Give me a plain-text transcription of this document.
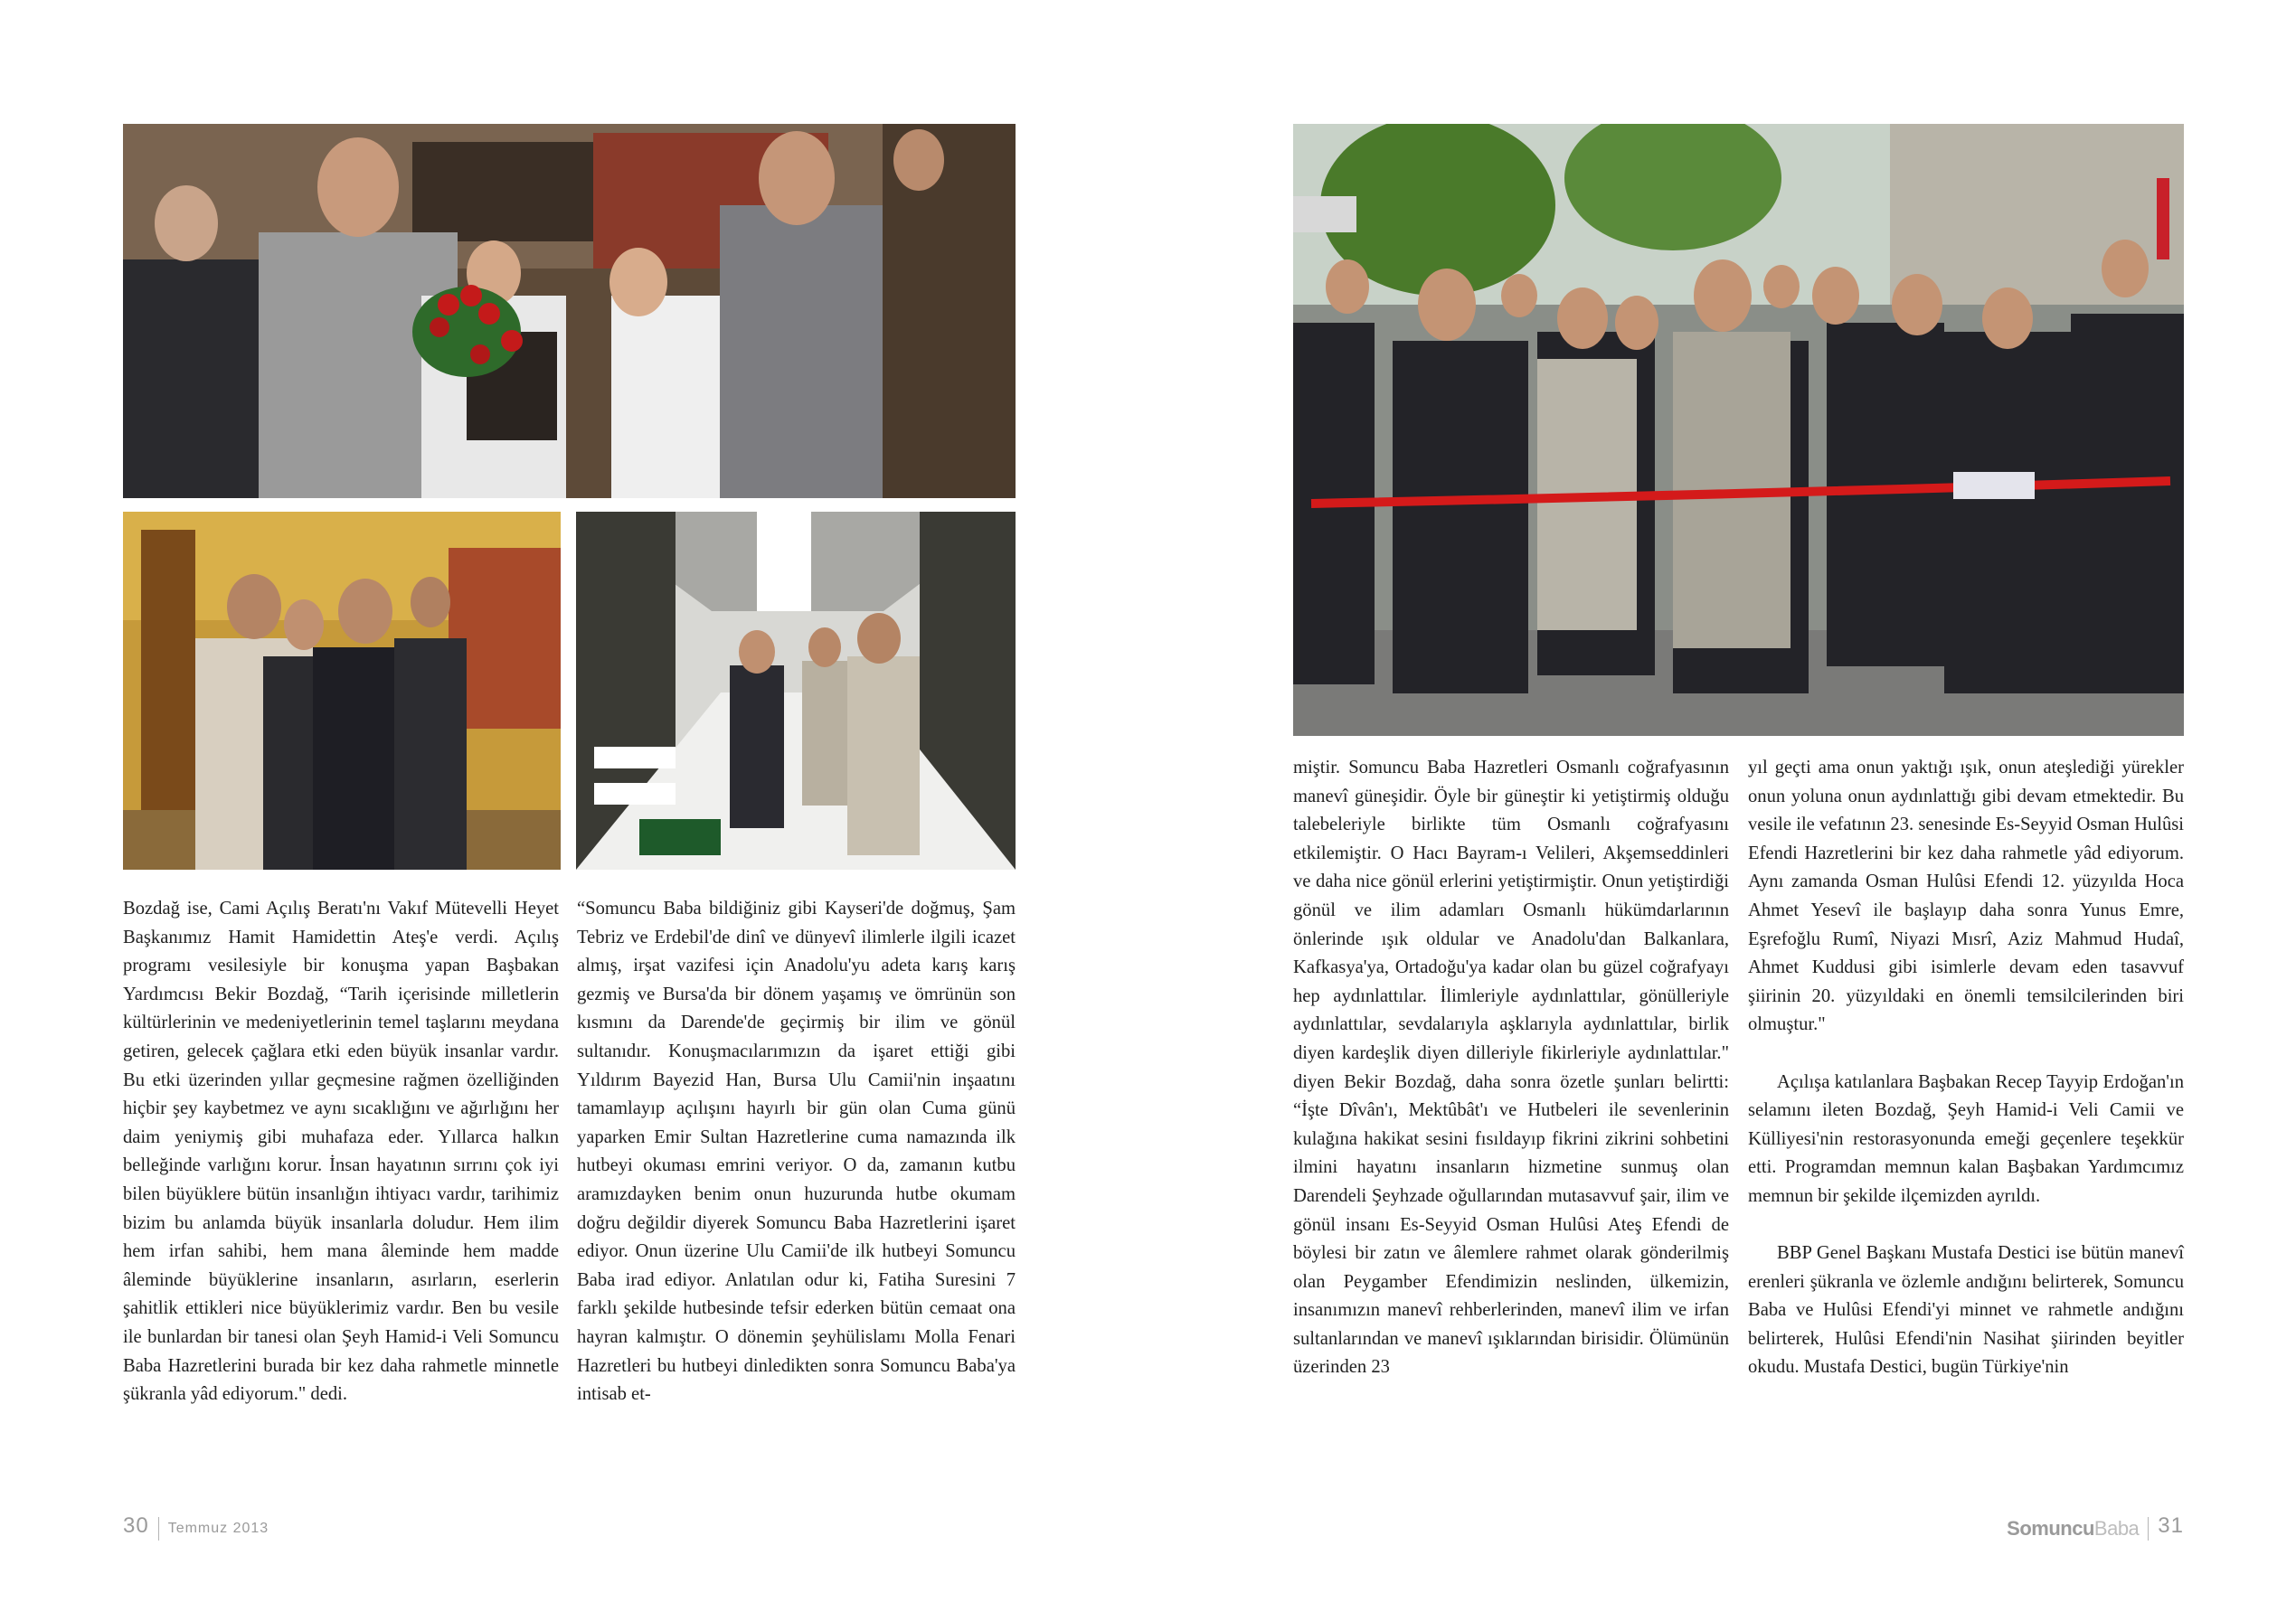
Bozdağ ise, Cami Açılış Beratı'nı Vakıf Mütevelli Heyet Başkanımız Hamit Hamidettin Ateş'e verdi. Açılış programı vesilesiyle bir konuşma yapan Başbakan Yardımcısı Bekir Bozdağ, “Tarih içerisinde milletlerin kültürlerinin ve medeniyetlerinin temel taşlarını meydana getiren, gelecek çağlara etki eden büyük insanlar vardır. Bu etki üzerinden yıllar geçmesine rağmen özelliğinden hiçbir şey kaybetmez ve aynı sıcaklığını ve ağırlığını her daim yeniymiş gibi muhafaza eder. Yıllarca halkın belleğinde varlığını korur. İnsan hayatının sırrını çok iyi bilen büyüklere bütün insanlığın ihtiyacı vardır, tarihimiz bizim bu anlamda büyük insanlarla doludur. Hem ilim hem irfan sahibi, hem mana âleminde hem madde âleminde büyüklerine insanların, asırların, eserlerin şahitlik ettikleri nice büyüklerimiz vardır. Ben bu vesile ile bunlardan bir tanesi olan Şeyh Hamid-i Veli Somuncu Baba Hazretlerini burada bir kez daha rahmetle minnetle şükranla yâd ediyorum." dedi.

“Somuncu Baba bildiğiniz gibi Kayseri'de doğmuş, Şam Tebriz ve Erdebil'de dinî ve dünyevî ilimlerle ilgili icazet almış, irşat vazifesi için Anadolu'yu adeta karış karış gezmiş ve Bursa'da bir dönem yaşamış ve ömrünün son kısmını da Darende'de geçirmiş bir ilim ve gönül sultanıdır. Konuşmacılarımızın da işaret ettiği gibi Yıldırım Bayezid Han, Bursa Ulu Camii'nin inşaatını tamamlayıp açılışını hayırlı bir gün olan Cuma günü yaparken Emir Sultan Hazretlerine cuma namazında ilk hutbeyi okuması emrini veriyor. O da, zamanın kutbu aramızdayken benim onun huzurunda hutbe okumam doğru değildir diyerek Somuncu Baba Hazretlerini işaret ediyor. Onun üzerine Ulu Camii'de ilk hutbeyi Somuncu Baba irad ediyor. Anlatılan odur ki, Fatiha Suresini 7 farklı şekilde hutbesinde tefsir ederken bütün cemaat ona hayran kalmıştır. O dönemin şeyhülislamı Molla Fenari Hazretleri bu hutbeyi dinledikten sonra Somuncu Baba'ya intisab et-

miştir. Somuncu Baba Hazretleri Osmanlı coğrafyasının manevî güneşidir. Öyle bir güneştir ki yetiştirmiş olduğu talebeleriyle birlikte tüm Osmanlı coğrafyasını etkilemiştir. O Hacı Bayram-ı Velileri, Akşemseddinleri ve daha nice gönül erlerini yetiştirmiştir. Onun yetiştirdiği gönül ve ilim adamları Osmanlı hükümdarlarının önlerinde ışık oldular ve Anadolu'dan Balkanlara, Kafkasya'ya, Ortadoğu'ya kadar olan bu güzel coğrafyayı hep aydınlattılar. İlimleriyle aydınlattılar, gönülleriyle aydınlattılar, sevdalarıyla aşklarıyla aydınlattılar, birlik diyen kardeşlik diyen dilleriyle fikirleriyle aydınlattılar." diyen Bekir Bozdağ, daha sonra özetle şunları belirtti: “İşte Dîvân'ı, Mektûbât'ı ve Hutbeleri ile sevenlerinin kulağına hakikat sesini fısıldayıp fikrini zikrini sohbetini ilmini hayatını insanların hizmetine sunmuş olan Darendeli Şeyhzade oğullarından mutasavvuf şair, ilim ve gönül insanı Es-Seyyid Osman Hulûsi Ateş Efendi de böylesi bir zatın ve âlemlere rahmet olarak gönderilmiş olan Peygamber Efendimizin neslinden, ülkemizin, insanımızın manevî rehberlerinden, manevî ilim ve irfan sultanlarından ve manevî ışıklarından birisidir. Ölümünün üzerinden 23

yıl geçti ama onun yaktığı ışık, onun ateşlediği yürekler onun yoluna onun aydınlattığı gibi devam etmektedir. Bu vesile ile vefatının 23. senesinde Es-Seyyid Osman Hulûsi Efendi Hazretlerini bir kez daha rahmetle yâd ediyorum. Aynı zamanda Osman Hulûsi Efendi 12. yüzyılda Hoca Ahmet Yesevî ile başlayıp daha sonra Yunus Emre, Eşrefoğlu Rumî, Niyazi Mısrî, Aziz Mahmud Hudaî, Ahmet Kuddusi gibi isimlerle devam eden tasavvuf şiirinin 20. yüzyıldaki en önemli temsilcilerinden biri olmuştur."

Açılışa katılanlara Başbakan Recep Tayyip Erdoğan'ın selamını ileten Bozdağ, Şeyh Hamid-i Veli Camii ve Külliyesi'nin restorasyonunda emeği geçenlere teşekkür etti. Programdan memnun kalan Başbakan Yardımcımız memnun bir şekilde ilçemizden ayrıldı.

BBP Genel Başkanı Mustafa Destici ise bütün manevî erenleri şükranla ve özlemle andığını belirterek, Somuncu Baba ve Hulûsi Efendi'yi minnet ve rahmetle andığını belirterek, Hulûsi Efendi'nin Nasihat şiirinden beyitler okudu. Mustafa Destici, bugün Türkiye'nin

30 Temmuz 2013	SomuncuBaba 31
